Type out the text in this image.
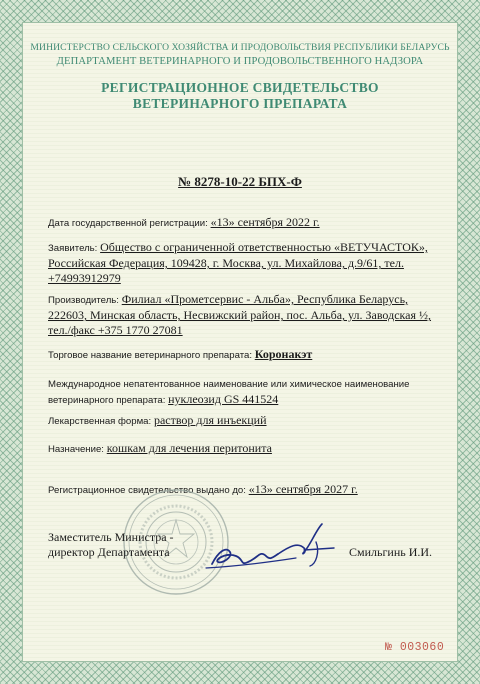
МИНИСТЕРСТВО СЕЛЬСКОГО ХОЗЯЙСТВА И ПРОДОВОЛЬСТВИЯ РЕСПУБЛИКИ БЕЛАРУСЬ
ДЕПАРТАМЕНТ ВЕТЕРИНАРНОГО И ПРОДОВОЛЬСТВЕННОГО НАДЗОРА
РЕГИСТРАЦИОННОЕ СВИДЕТЕЛЬСТВО
ВЕТЕРИНАРНОГО ПРЕПАРАТА
№ 8278-10-22 БПХ-Ф
Дата государственной регистрации: «13» сентября 2022 г.
Заявитель: Общество с ограниченной ответственностью «ВЕТУЧАСТОК»,
Российская Федерация, 109428, г. Москва, ул. Михайлова, д.9/61, тел.
+74993912979
Производитель: Филиал «Прометсервис - Альба», Республика Беларусь,
222603, Минская область, Несвижский район, пос. Альба, ул. Заводская ½,
тел./факс +375 1770 27081
Торговое название ветеринарного препарата: Коронакэт
Международное непатентованное наименование или химическое наименование
ветеринарного препарата: нуклеозид GS 441524
Лекарственная форма: раствор для инъекций
Назначение: кошкам для лечения перитонита
Регистрационное свидетельство выдано до: «13» сентября 2027 г.
Заместитель Министра -
директор Департамента	Смильгинь И.И.
№ 003060
